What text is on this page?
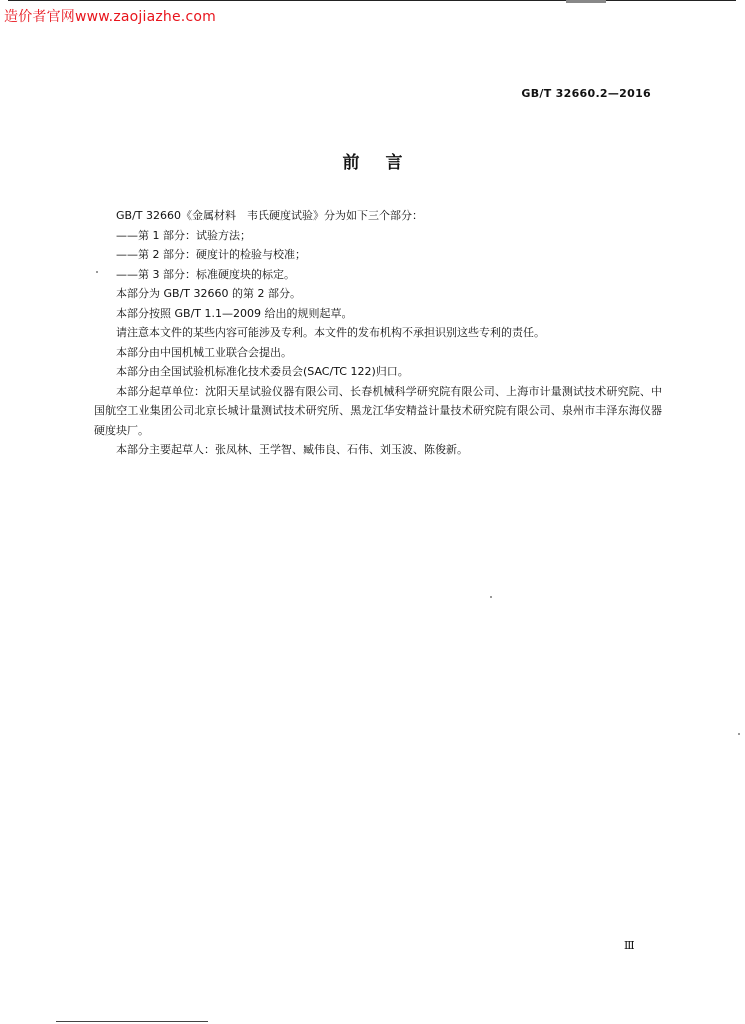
造价者官网www.zaojiazhe.com
GB/T 32660.2—2016
前言

GB/T 32660《金属材料　韦氏硬度试验》分为如下三个部分：

——第 1 部分：试验方法；

——第 2 部分：硬度计的检验与校准；

——第 3 部分：标准硬度块的标定。

本部分为 GB/T 32660 的第 2 部分。

本部分按照 GB/T 1.1—2009 给出的规则起草。

请注意本文件的某些内容可能涉及专利。本文件的发布机构不承担识别这些专利的责任。

本部分由中国机械工业联合会提出。

本部分由全国试验机标准化技术委员会(SAC/TC 122)归口。

本部分起草单位：沈阳天星试验仪器有限公司、长春机械科学研究院有限公司、上海市计量测试技术研究院、中国航空工业集团公司北京长城计量测试技术研究所、黑龙江华安精益计量技术研究院有限公司、泉州市丰泽东海仪器硬度块厂。

本部分主要起草人：张凤林、王学智、臧伟良、石伟、刘玉波、陈俊新。

Ⅲ
